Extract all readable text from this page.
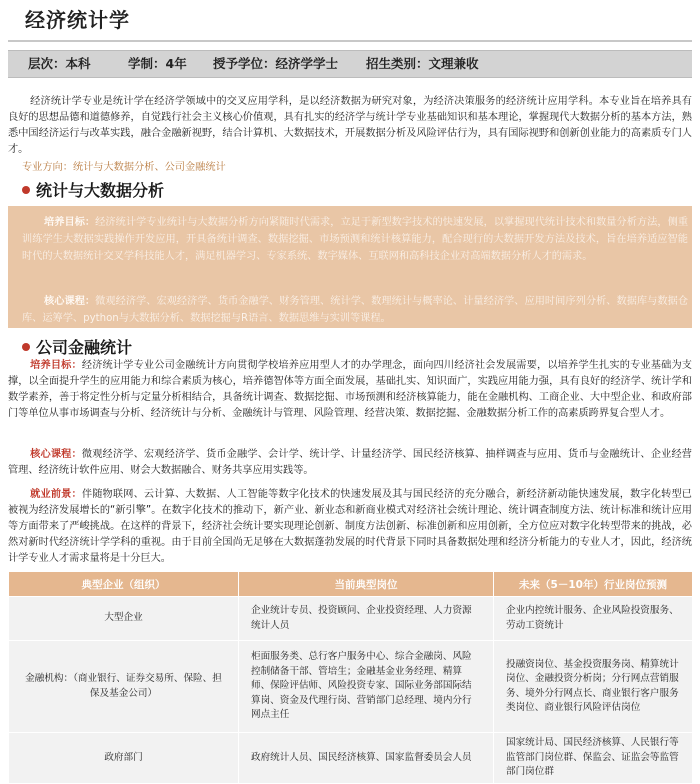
经济统计学
层次：本科	学制：4年 授予学位：经济学学士 招生类别：文理兼收

经济统计学专业是统计学在经济学领域中的交叉应用学科，是以经济数据为研究对象，为经济决策服务的经济统计应用学科。本专业旨在培养具有良好的思想品德和道德修养，自觉践行社会主义核心价值观，具有扎实的经济学与统计学专业基础知识和基本理论，掌握现代大数据分析的基本方法，熟悉中国经济运行与改革实践，融合金融新视野，结合计算机、大数据技术，开展数据分析及风险评估行为，具有国际视野和创新创业能力的高素质专门人才。

专业方向：统计与大数据分析、公司金融统计
统计与大数据分析

培养目标：经济统计学专业统计与大数据分析方向紧随时代需求，立足于新型数字技术的快速发展，以掌握现代统计技术和数量分析方法，侧重训练学生大数据实践操作开发应用，开具备统计调查、数据挖掘、市场预测和统计核算能力，配合现行的大数据开发方法及技术，旨在培养适应智能时代的大数据统计交叉学科技能人才，满足机器学习、专家系统、数字媒体、互联网和高科技企业对高端数据分析人才的需求。

核心课程：微观经济学、宏观经济学、货币金融学、财务管理、统计学、数理统计与概率论、计量经济学、应用时间序列分析、数据库与数据仓库、运筹学、python与大数据分析、数据挖掘与R语言、数据思维与实训等课程。

公司金融统计

培养目标：经济统计学专业公司金融统计方向贯彻学校培养应用型人才的办学理念，面向四川经济社会发展需要，以培养学生扎实的专业基础为支撑，以全面提升学生的应用能力和综合素质为核心，培养德智体等方面全面发展，基础扎实、知识面广，实践应用能力强，具有良好的经济学、统计学和数学素养，善于将定性分析与定量分析相结合，具备统计调查、数据挖掘、市场预测和经济核算能力，能在金融机构、工商企业、大中型企业、和政府部门等单位从事市场调查与分析、经济统计与分析、金融统计与管理、风险管理、经营决策、数据挖掘、金融数据分析工作的高素质跨界复合型人才。

核心课程：微观经济学、宏观经济学、货币金融学、会计学、统计学、计量经济学、国民经济核算、抽样调查与应用、货币与金融统计、企业经营管理、经济统计软件应用、财会大数据融合、财务共享应用实践等。

就业前景：伴随物联网、云计算、大数据、人工智能等数字化技术的快速发展及其与国民经济的充分融合，新经济新动能快速发展，数字化转型已被视为经济发展增长的“新引擎”。在数字化技术的推动下，新产业、新业态和新商业模式对经济社会统计理论、统计调查制度方法、统计标准和统计应用等方面带来了严峻挑战。在这样的背景下，经济社会统计要实现理论创新、制度方法创新、标准创新和应用创新，全方位应对数字化转型带来的挑战，必然对新时代经济统计学学科的重视。由于目前全国尚无足够在大数据蓬勃发展的时代背景下同时具备数据处理和经济分析能力的专业人才，因此，经济统计学专业人才需求量将是十分巨大。

典型企业（组织）	当前典型岗位	未来（5－10年）行业岗位预测
大型企业	企业统计专员、投资顾问、企业投资经理、人力资源统计人员	企业内控统计服务、企业风险投资服务、劳动工资统计
金融机构：（商业银行、证券交易所、保险、担保及基金公司）	柜面服务类、总行客户服务中心、综合金融岗、风险控制储备干部、管培生；金融基金业务经理、精算师、保险评估师、风险投资专家、国际业务部国际结算岗、资金及代理行岗、营销部门总经理、境内分行网点主任	投融资岗位、基金投资服务岗、精算统计岗位、金融投资分析岗；分行网点营销服务、境外分行网点长、商业银行客户服务类岗位、商业银行风险评估岗位
政府部门	政府统计人员、国民经济核算、国家监督委员会人员	国家统计局、国民经济核算、人民银行等监管部门岗位群、保监会、证监会等监管部门岗位群
